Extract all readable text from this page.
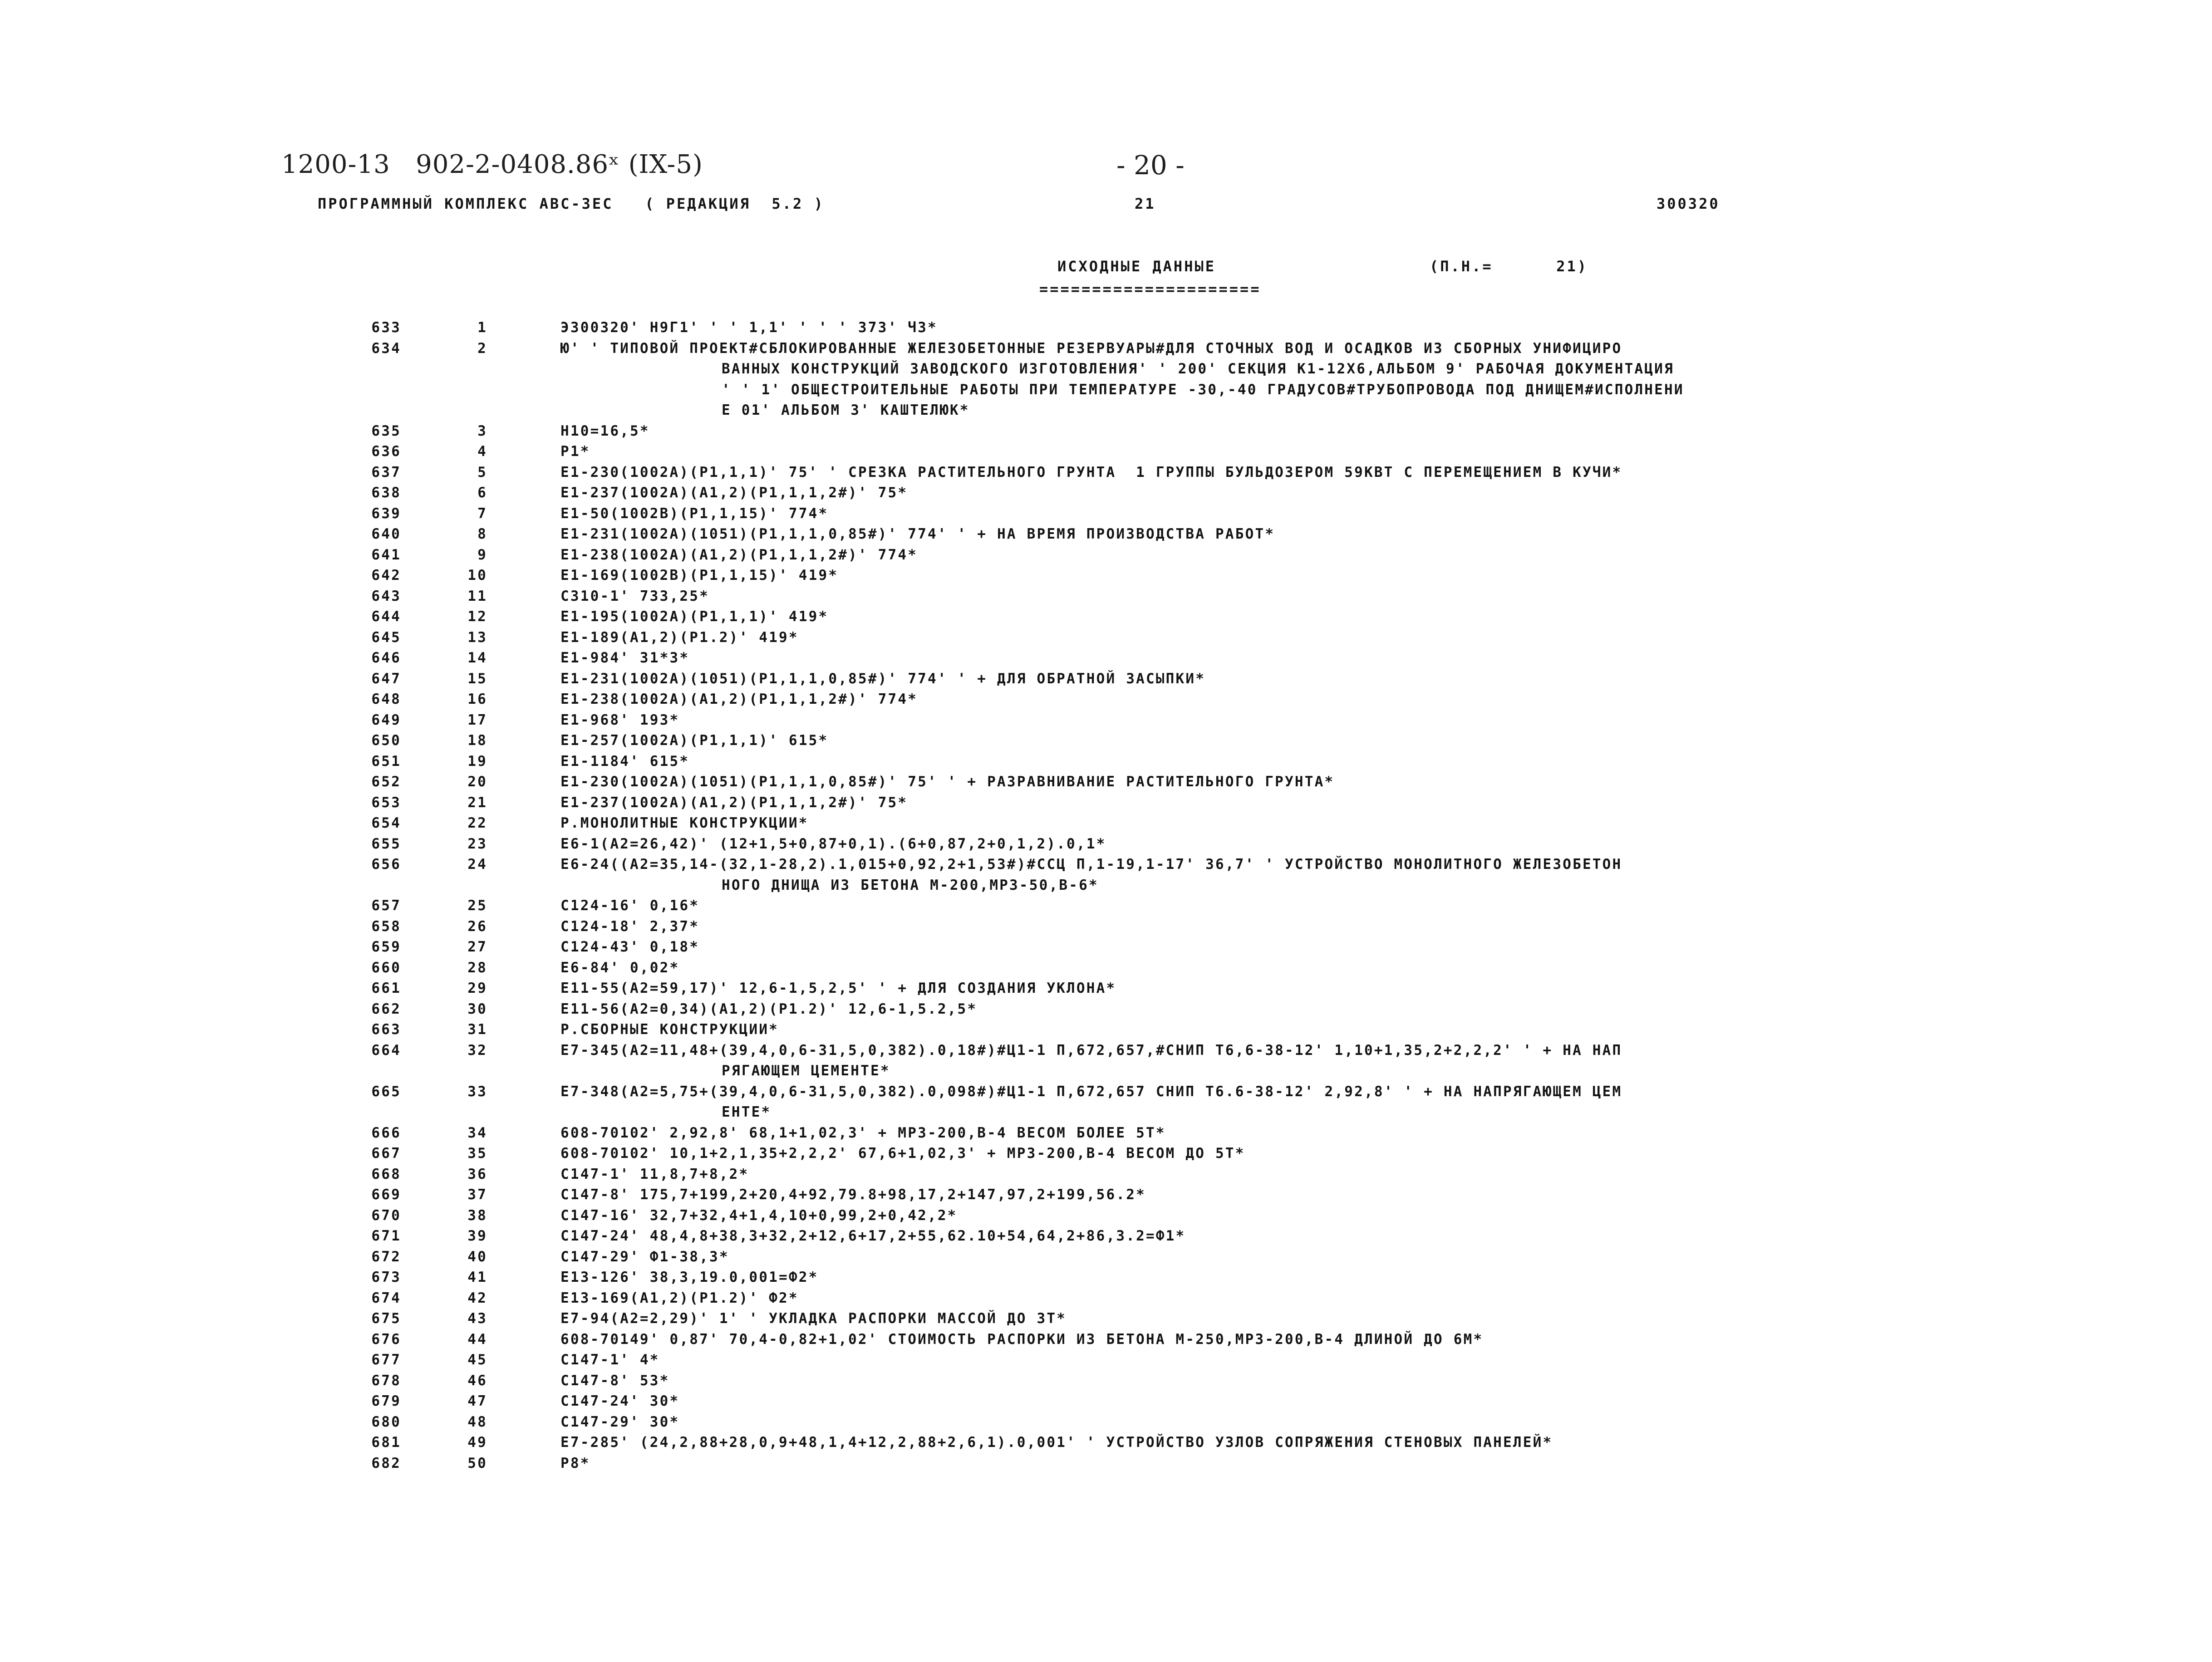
1200-13   902-2-0408.86ˣ (IX-5)	- 20 -
ПРОГРАММНЫЙ КОМПЛЕКС АВС-3ЕС   ( РЕДАКЦИЯ  5.2 )	21	300320
ИСХОДНЫЕ ДАННЫЕ	(П.Н.=      21)
=====================
633	1	Э300320' Н9Г1' ' ' 1,1' ' ' ' 373' Ч3*
634	2	Ю' ' ТИПОВОЙ ПРОЕКТ#СБЛОКИРОВАННЫЕ ЖЕЛЕЗОБЕТОННЫЕ РЕЗЕРВУАРЫ#ДЛЯ СТОЧНЫХ ВОД И ОСАДКОВ ИЗ СБОРНЫХ УНИФИЦИРО
ВАННЫХ КОНСТРУКЦИЙ ЗАВОДСКОГО ИЗГОТОВЛЕНИЯ' ' 200' СЕКЦИЯ К1-12Х6,АЛЬБОМ 9' РАБОЧАЯ ДОКУМЕНТАЦИЯ
' ' 1' ОБЩЕСТРОИТЕЛЬНЫЕ РАБОТЫ ПРИ ТЕМПЕРАТУРЕ -30,-40 ГРАДУСОВ#ТРУБОПРОВОДА ПОД ДНИЩЕМ#ИСПОЛНЕНИ
Е 01' АЛЬБОМ 3' КАШТЕЛЮК*
635	3	Н10=16,5*
636	4	Р1*
637	5	Е1-230(1002А)(Р1,1,1)' 75' ' СРЕЗКА РАСТИТЕЛЬНОГО ГРУНТА  1 ГРУППЫ БУЛЬДОЗЕРОМ 59КВТ С ПЕРЕМЕЩЕНИЕМ В КУЧИ*
638	6	Е1-237(1002А)(А1,2)(Р1,1,1,2#)' 75*
639	7	Е1-50(1002В)(Р1,1,15)' 774*
640	8	Е1-231(1002А)(1051)(Р1,1,1,0,85#)' 774' ' + НА ВРЕМЯ ПРОИЗВОДСТВА РАБОТ*
641	9	Е1-238(1002А)(А1,2)(Р1,1,1,2#)' 774*
642	10	Е1-169(1002В)(Р1,1,15)' 419*
643	11	С310-1' 733,25*
644	12	Е1-195(1002А)(Р1,1,1)' 419*
645	13	Е1-189(А1,2)(Р1.2)' 419*
646	14	Е1-984' 31*3*
647	15	Е1-231(1002А)(1051)(Р1,1,1,0,85#)' 774' ' + ДЛЯ ОБРАТНОЙ ЗАСЫПКИ*
648	16	Е1-238(1002А)(А1,2)(Р1,1,1,2#)' 774*
649	17	Е1-968' 193*
650	18	Е1-257(1002А)(Р1,1,1)' 615*
651	19	Е1-1184' 615*
652	20	Е1-230(1002А)(1051)(Р1,1,1,0,85#)' 75' ' + РАЗРАВНИВАНИЕ РАСТИТЕЛЬНОГО ГРУНТА*
653	21	Е1-237(1002А)(А1,2)(Р1,1,1,2#)' 75*
654	22	Р.МОНОЛИТНЫЕ КОНСТРУКЦИИ*
655	23	Е6-1(А2=26,42)' (12+1,5+0,87+0,1).(6+0,87,2+0,1,2).0,1*
656	24	Е6-24((А2=35,14-(32,1-28,2).1,015+0,92,2+1,53#)#ССЦ П,1-19,1-17' 36,7' ' УСТРОЙСТВО МОНОЛИТНОГО ЖЕЛЕЗОБЕТОН
НОГО ДНИЩА ИЗ БЕТОНА М-200,МРЗ-50,В-6*
657	25	С124-16' 0,16*
658	26	С124-18' 2,37*
659	27	С124-43' 0,18*
660	28	Е6-84' 0,02*
661	29	Е11-55(А2=59,17)' 12,6-1,5,2,5' ' + ДЛЯ СОЗДАНИЯ УКЛОНА*
662	30	Е11-56(А2=0,34)(А1,2)(Р1.2)' 12,6-1,5.2,5*
663	31	Р.СБОРНЫЕ КОНСТРУКЦИИ*
664	32	Е7-345(А2=11,48+(39,4,0,6-31,5,0,382).0,18#)#Ц1-1 П,672,657,#СНИП Т6,6-38-12' 1,10+1,35,2+2,2,2' ' + НА НАП
РЯГАЮЩЕМ ЦЕМЕНТЕ*
665	33	Е7-348(А2=5,75+(39,4,0,6-31,5,0,382).0,098#)#Ц1-1 П,672,657 СНИП Т6.6-38-12' 2,92,8' ' + НА НАПРЯГАЮЩЕМ ЦЕМ
ЕНТЕ*
666	34	608-70102' 2,92,8' 68,1+1,02,3' + МРЗ-200,В-4 ВЕСОМ БОЛЕЕ 5Т*
667	35	608-70102' 10,1+2,1,35+2,2,2' 67,6+1,02,3' + МРЗ-200,В-4 ВЕСОМ ДО 5Т*
668	36	С147-1' 11,8,7+8,2*
669	37	С147-8' 175,7+199,2+20,4+92,79.8+98,17,2+147,97,2+199,56.2*
670	38	С147-16' 32,7+32,4+1,4,10+0,99,2+0,42,2*
671	39	С147-24' 48,4,8+38,3+32,2+12,6+17,2+55,62.10+54,64,2+86,3.2=Ф1*
672	40	С147-29' Ф1-38,3*
673	41	Е13-126' 38,3,19.0,001=Ф2*
674	42	Е13-169(А1,2)(Р1.2)' Ф2*
675	43	Е7-94(А2=2,29)' 1' ' УКЛАДКА РАСПОРКИ МАССОЙ ДО 3Т*
676	44	608-70149' 0,87' 70,4-0,82+1,02' СТОИМОСТЬ РАСПОРКИ ИЗ БЕТОНА М-250,МРЗ-200,В-4 ДЛИНОЙ ДО 6М*
677	45	С147-1' 4*
678	46	С147-8' 53*
679	47	С147-24' 30*
680	48	С147-29' 30*
681	49	Е7-285' (24,2,88+28,0,9+48,1,4+12,2,88+2,6,1).0,001' ' УСТРОЙСТВО УЗЛОВ СОПРЯЖЕНИЯ СТЕНОВЫХ ПАНЕЛЕЙ*
682	50	Р8*
